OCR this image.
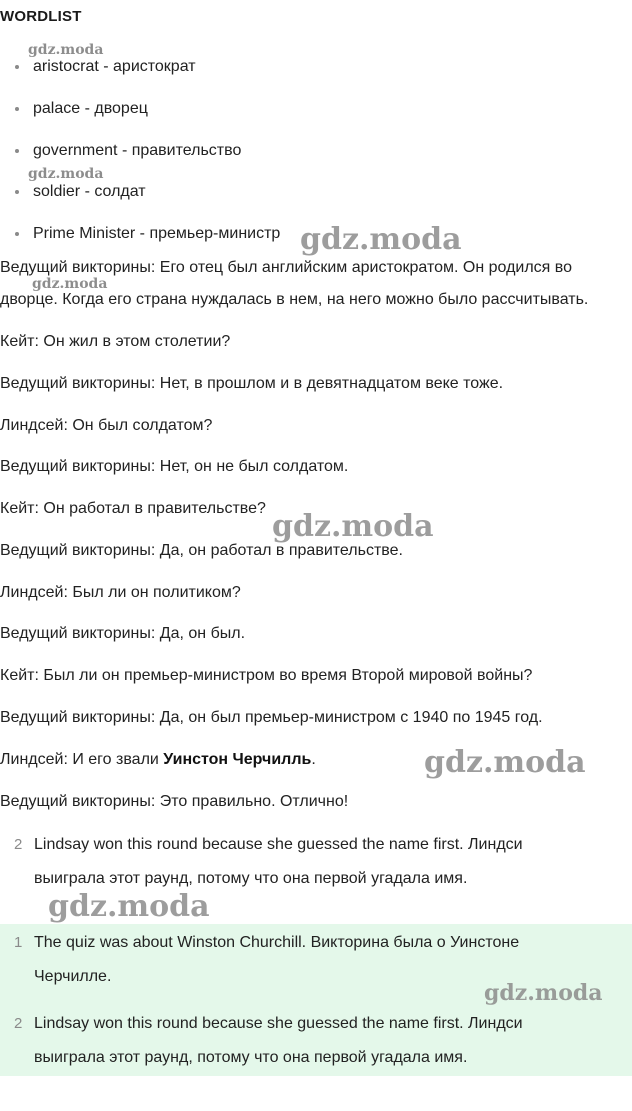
WORDLIST
aristocrat - аристократ
palace - дворец
government - правительство
soldier - солдат
Prime Minister - премьер-министр
Ведущий викторины: Его отец был английским аристократом. Он родился во
дворце. Когда его страна нуждалась в нем, на него можно было рассчитывать.
Кейт: Он жил в этом столетии?
Ведущий викторины: Нет, в прошлом и в девятнадцатом веке тоже.
Линдсей: Он был солдатом?
Ведущий викторины: Нет, он не был солдатом.
Кейт: Он работал в правительстве?
Ведущий викторины: Да, он работал в правительстве.
Линдсей: Был ли он политиком?
Ведущий викторины: Да, он был.
Кейт: Был ли он премьер-министром во время Второй мировой войны?
Ведущий викторины: Да, он был премьер-министром с 1940 по 1945 год.
Линдсей: И его звали Уинстон Черчилль.
Ведущий викторины: Это правильно. Отлично!
2 Lindsay won this round because she guessed the name first. Линдси
выиграла этот раунд, потому что она первой угадала имя.
1 The quiz was about Winston Churchill. Викторина была о Уинстоне
Черчилле.
2 Lindsay won this round because she guessed the name first. Линдси
выиграла этот раунд, потому что она первой угадала имя.
gdz.moda
gdz.moda
gdz.moda
gdz.moda
gdz.moda
gdz.moda
gdz.moda
gdz.moda
